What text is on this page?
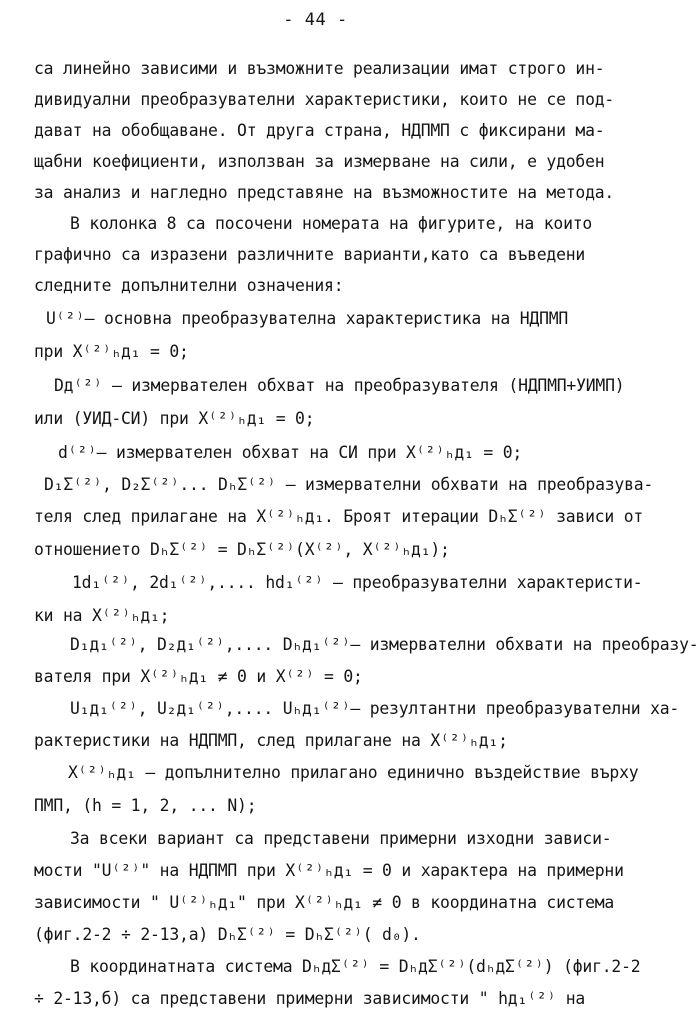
- 44 -
са линейно зависими и възможните реализации имат строго ин-
дивидуални преобразувателни характеристики, които не се под-
дават на обобщаване. От друга страна, НДПМП с фиксирани ма-
щабни коефициенти, използван за измерване на сили, е удобен
за анализ и нагледно представяне на възможностите на метода.
В колонка 8 са посочени номерата на фигурите, на които
графично са изразени различните варианти,като са въведени
следните допълнителни означения:
U⁽²⁾– основна преобразувателна характеристика на НДПМП
при X⁽²⁾ₕд₁ = 0;
Dд⁽²⁾ – измервателен обхват на преобразувателя (НДПМП+УИМП)
или (УИД-СИ) при X⁽²⁾ₕд₁ = 0;
d⁽²⁾– измервателен обхват на СИ при X⁽²⁾ₕд₁ = 0;
D₁Σ⁽²⁾, D₂Σ⁽²⁾... DₕΣ⁽²⁾ – измервателни обхвати на преобразува-
теля след прилагане на X⁽²⁾ₕд₁. Броят итерации DₕΣ⁽²⁾ зависи от
отношението DₕΣ⁽²⁾ = DₕΣ⁽²⁾(X⁽²⁾, X⁽²⁾ₕд₁);
1d₁⁽²⁾, 2d₁⁽²⁾,.... hd₁⁽²⁾ – преобразувателни характеристи-
ки на X⁽²⁾ₕд₁;
D₁д₁⁽²⁾, D₂д₁⁽²⁾,.... Dₕд₁⁽²⁾– измервателни обхвати на преобразу-
вателя при X⁽²⁾ₕд₁ ≠ 0 и X⁽²⁾ = 0;
U₁д₁⁽²⁾, U₂д₁⁽²⁾,.... Uₕд₁⁽²⁾– резултантни преобразувателни ха-
рактеристики на НДПМП, след прилагане на X⁽²⁾ₕд₁;
X⁽²⁾ₕд₁ – допълнително прилагано единично въздействие върху
ПМП, (h = 1, 2, ... N);
За всеки вариант са представени примерни изходни зависи-
мости "U⁽²⁾" на НДПМП при X⁽²⁾ₕд₁ = 0 и характера на примерни
зависимости " U⁽²⁾ₕд₁" при X⁽²⁾ₕд₁ ≠ 0 в координатна система
(фиг.2-2 ÷ 2-13,а) DₕΣ⁽²⁾ = DₕΣ⁽²⁾( d₀).
В координатната система DₕдΣ⁽²⁾ = DₕдΣ⁽²⁾(dₕдΣ⁽²⁾) (фиг.2-2
÷ 2-13,б) са представени примерни зависимости " hд₁⁽²⁾ на
